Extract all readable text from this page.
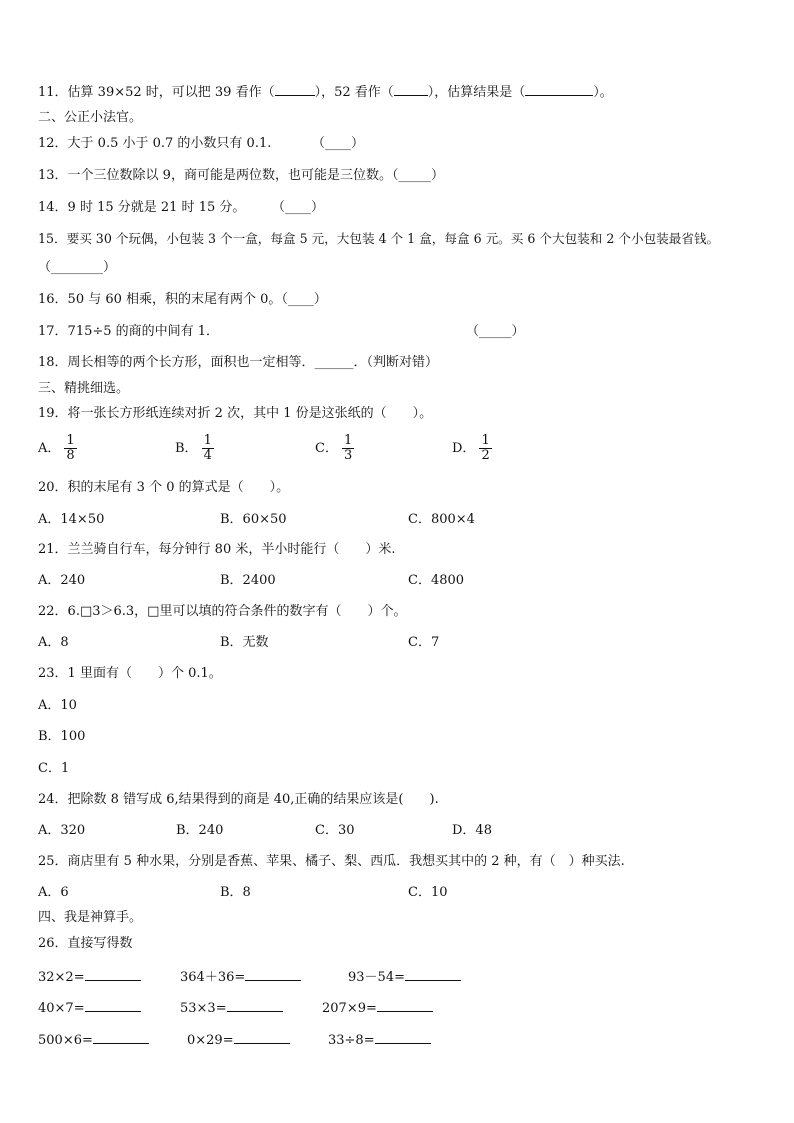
11．估算 39×52 时，可以把 39 看作（	），52 看作（	），估算结果是（	）。
二、公正小法官。
12．大于 0.5 小于 0.7 的小数只有 0.1.	（____）
13．一个三位数除以 9，商可能是两位数，也可能是三位数。（_____）
14．9 时 15 分就是 21 时 15 分。 （____）
15．要买 30 个玩偶，小包装 3 个一盒，每盒 5 元，大包装 4 个 1 盒，每盒 6 元。买 6 个大包装和 2 个小包装最省钱。
（________）
16．50 与 60 相乘，积的末尾有两个 0。（____）
17．715÷5 的商的中间有 1．	（_____）
18．周长相等的两个长方形，面积也一定相等．______．（判断对错）
三、精挑细选。
19．将一张长方形纸连续对折 2 次，其中 1 份是这张纸的（　　）。
A． $\frac{1}{8}$	B． $\frac{1}{4}$	C． $\frac{1}{3}$	D． $\frac{1}{2}$
20．积的末尾有 3 个 0 的算式是（　　）。
A．14×50	B．60×50	C．800×4
21．兰兰骑自行车，每分钟行 80 米，半小时能行（　　）米.
A．240	B．2400	C．4800
22．6.□3＞6.3，□里可以填的符合条件的数字有（　　）个。
A．8	B．无数	C．7
23．1 里面有（　　）个 0.1。
A．10
B．100
C．1
24．把除数 8 错写成 6,结果得到的商是 40,正确的结果应该是(　　).
A．320	B．240	C．30	D．48
25．商店里有 5 种水果，分别是香蕉、苹果、橘子、梨、西瓜．我想买其中的 2 种，有（　）种买法.
A．6	B．8	C．10
四、我是神算手。
26．直接写得数
32×2=	364＋36=	93－54=
40×7=	53×3=	207×9=
500×6=	0×29=	33÷8=
